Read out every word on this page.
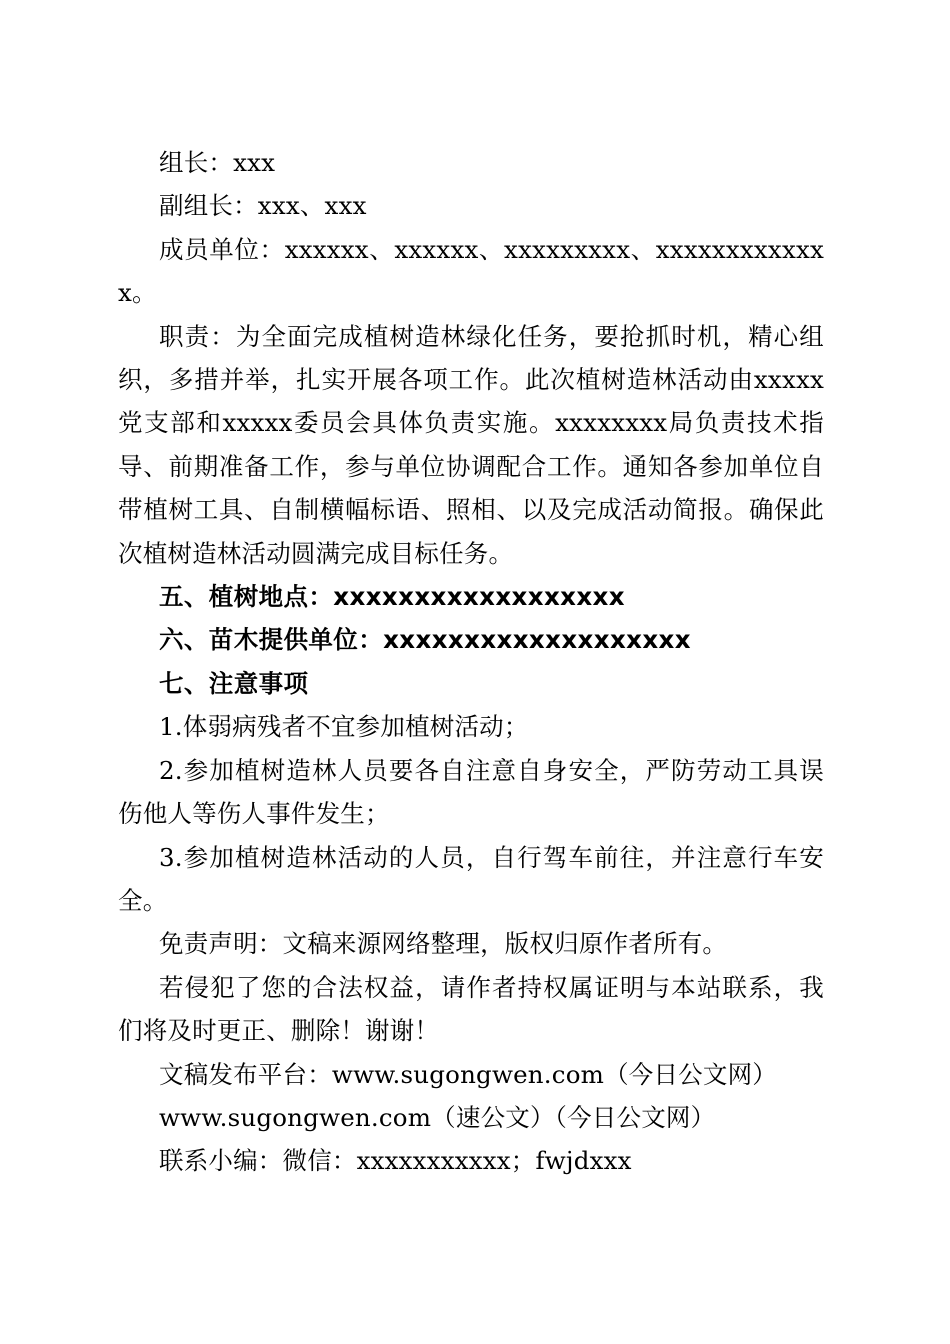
组长：xxx

副组长：xxx、xxx

成员单位：xxxxxx、xxxxxx、xxxxxxxxx、xxxxxxxxxxxxx。

职责：为全面完成植树造林绿化任务，要抢抓时机，精心组织，多措并举，扎实开展各项工作。此次植树造林活动由xxxxx党支部和xxxxx委员会具体负责实施。xxxxxxxx局负责技术指导、前期准备工作，参与单位协调配合工作。通知各参加单位自带植树工具、自制横幅标语、照相、以及完成活动简报。确保此次植树造林活动圆满完成目标任务。

五、植树地点：xxxxxxxxxxxxxxxxxx

六、苗木提供单位：xxxxxxxxxxxxxxxxxxx

七、注意事项

1.体弱病残者不宜参加植树活动；

2.参加植树造林人员要各自注意自身安全，严防劳动工具误伤他人等伤人事件发生；

3.参加植树造林活动的人员，自行驾车前往，并注意行车安全。

免责声明：文稿来源网络整理，版权归原作者所有。

若侵犯了您的合法权益，请作者持权属证明与本站联系，我们将及时更正、删除！谢谢！

文稿发布平台：www.sugongwen.com（今日公文网）

www.sugongwen.com（速公文）（今日公文网）

联系小编：微信：xxxxxxxxxxx；fwjdxxx
